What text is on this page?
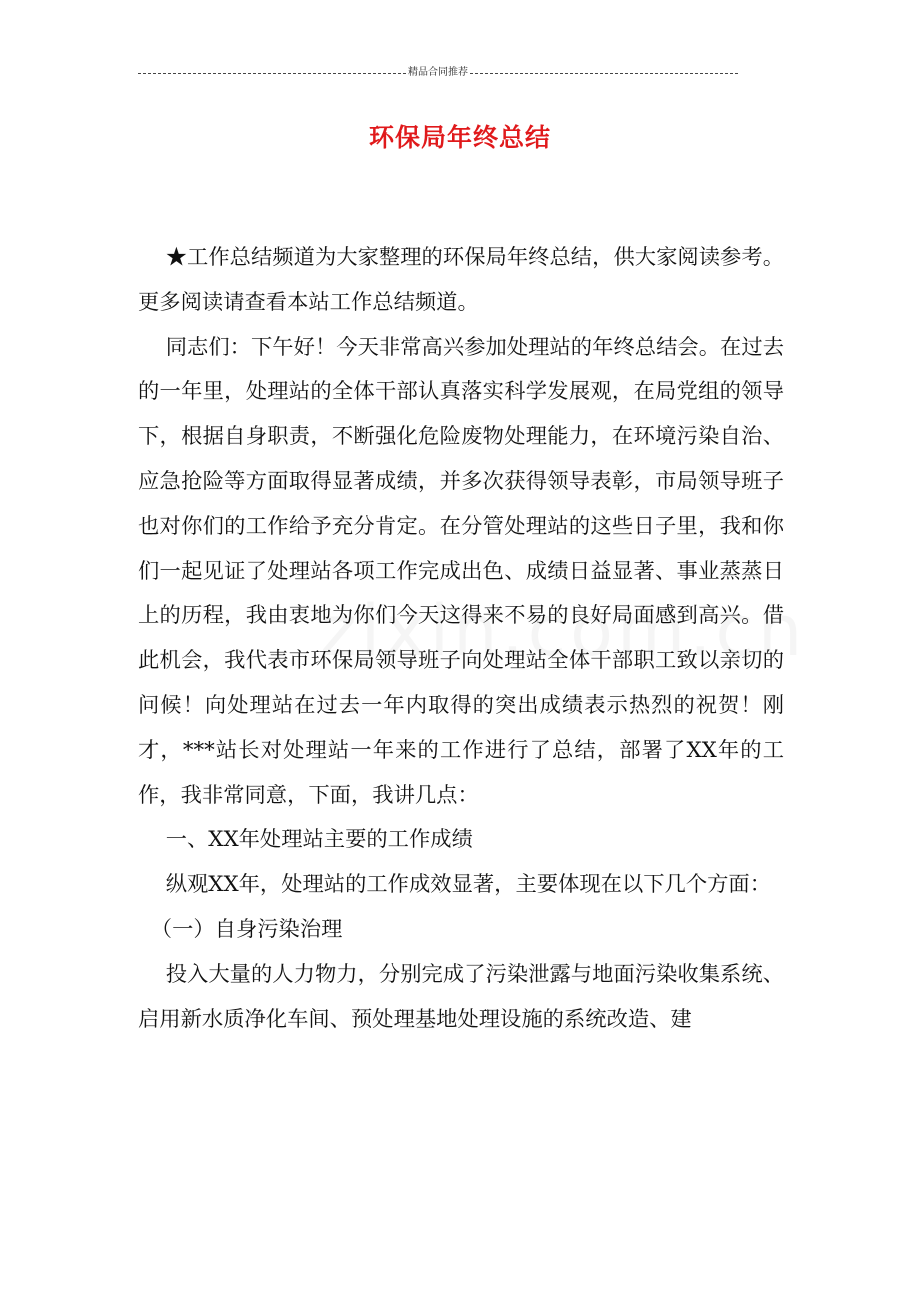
精品合同推荐
环保局年终总结

★工作总结频道为大家整理的环保局年终总结，供大家阅读参考。更多阅读请查看本站工作总结频道。

同志们：下午好！今天非常高兴参加处理站的年终总结会。在过去的一年里，处理站的全体干部认真落实科学发展观，在局党组的领导下，根据自身职责，不断强化危险废物处理能力，在环境污染自治、应急抢险等方面取得显著成绩，并多次获得领导表彰，市局领导班子也对你们的工作给予充分肯定。在分管处理站的这些日子里，我和你们一起见证了处理站各项工作完成出色、成绩日益显著、事业蒸蒸日上的历程，我由衷地为你们今天这得来不易的良好局面感到高兴。借此机会，我代表市环保局领导班子向处理站全体干部职工致以亲切的问候！向处理站在过去一年内取得的突出成绩表示热烈的祝贺！刚才，***站长对处理站一年来的工作进行了总结，部署了XX年的工作，我非常同意，下面，我讲几点：

一、XX年处理站主要的工作成绩

纵观XX年，处理站的工作成效显著，主要体现在以下几个方面：

（一）自身污染治理

投入大量的人力物力，分别完成了污染泄露与地面污染收集系统、启用新水质净化车间、预处理基地处理设施的系统改造、建
